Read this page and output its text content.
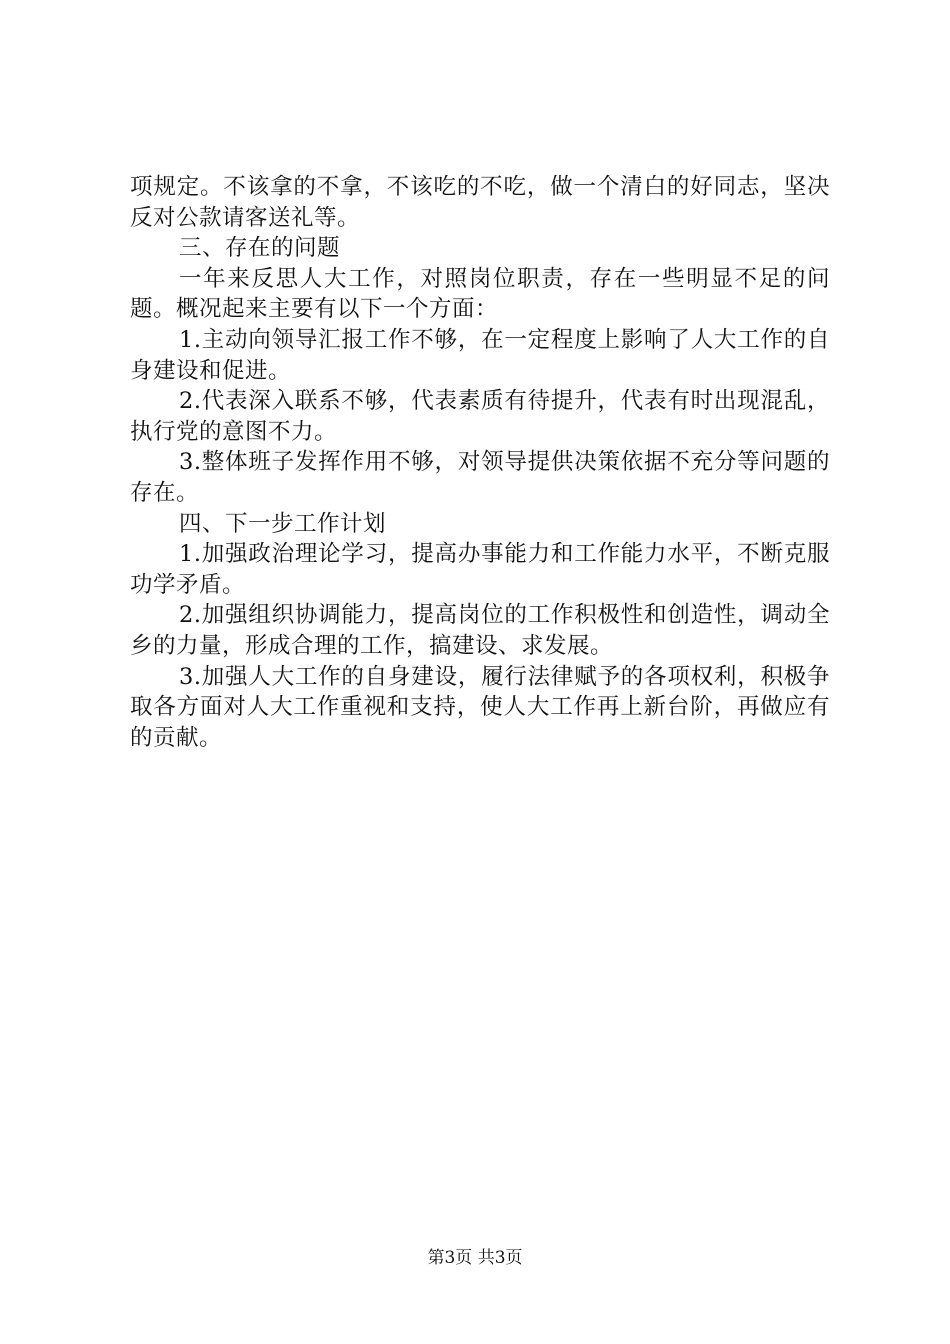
项规定。不该拿的不拿，不该吃的不吃，做一个清白的好同志，坚决反对公款请客送礼等。

三、存在的问题

一年来反思人大工作，对照岗位职责，存在一些明显不足的问题。概况起来主要有以下一个方面：

1.主动向领导汇报工作不够，在一定程度上影响了人大工作的自身建设和促进。

2.代表深入联系不够，代表素质有待提升，代表有时出现混乱，执行党的意图不力。

3.整体班子发挥作用不够，对领导提供决策依据不充分等问题的存在。

四、下一步工作计划

1.加强政治理论学习，提高办事能力和工作能力水平，不断克服功学矛盾。

2.加强组织协调能力，提高岗位的工作积极性和创造性，调动全乡的力量，形成合理的工作，搞建设、求发展。

3.加强人大工作的自身建设，履行法律赋予的各项权利，积极争取各方面对人大工作重视和支持，使人大工作再上新台阶，再做应有的贡献。

第3页 共3页
